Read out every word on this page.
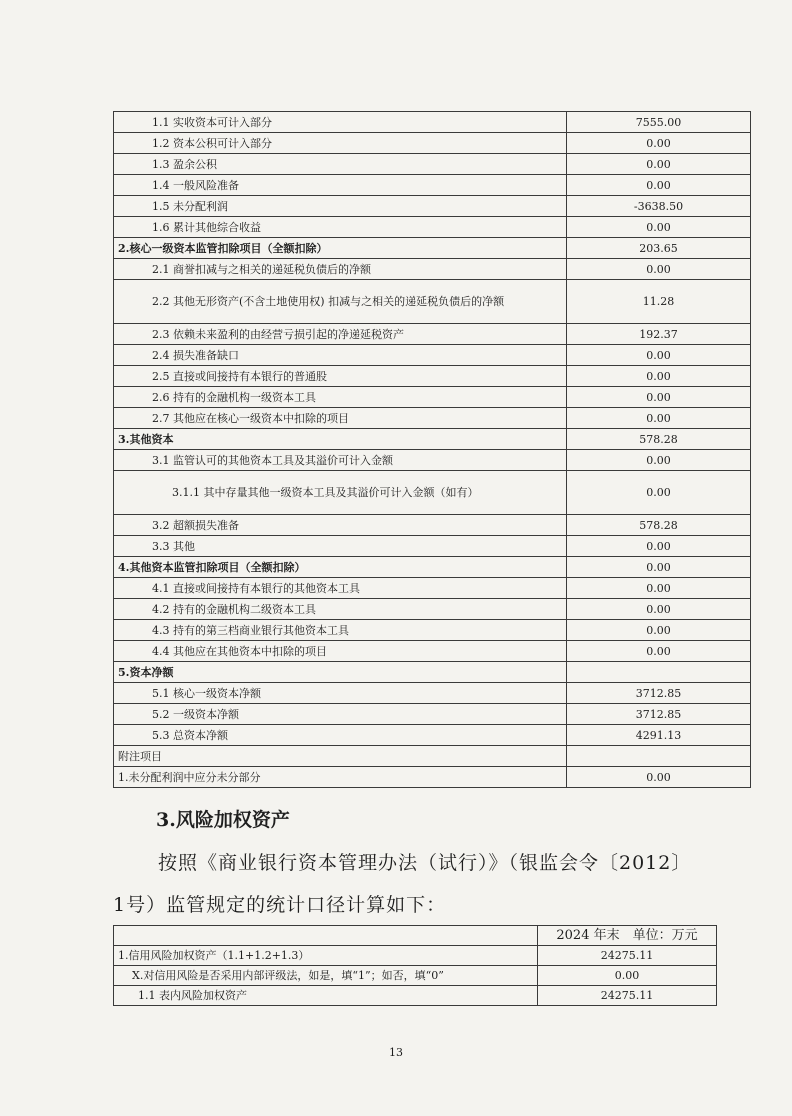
1.1 实收资本可计入部分	7555.00
1.2 资本公积可计入部分	0.00
1.3 盈余公积	0.00
1.4 一般风险准备	0.00
1.5 未分配利润	-3638.50
1.6 累计其他综合收益	0.00
2.核心一级资本监管扣除项目（全额扣除）	203.65
2.1 商誉扣减与之相关的递延税负债后的净额	0.00
2.2 其他无形资产(不含土地使用权) 扣减与之相关的递延税负债后的净额	11.28
2.3 依赖未来盈利的由经营亏损引起的净递延税资产	192.37
2.4 损失准备缺口	0.00
2.5 直接或间接持有本银行的普通股	0.00
2.6 持有的金融机构一级资本工具	0.00
2.7 其他应在核心一级资本中扣除的项目	0.00
3.其他资本	578.28
3.1 监管认可的其他资本工具及其溢价可计入金额	0.00
3.1.1 其中存量其他一级资本工具及其溢价可计入金额（如有）	0.00
3.2 超额损失准备	578.28
3.3 其他	0.00
4.其他资本监管扣除项目（全额扣除）	0.00
4.1 直接或间接持有本银行的其他资本工具	0.00
4.2 持有的金融机构二级资本工具	0.00
4.3 持有的第三档商业银行其他资本工具	0.00
4.4 其他应在其他资本中扣除的项目	0.00
5.资本净额	
5.1 核心一级资本净额	3712.85
5.2 一级资本净额	3712.85
5.3 总资本净额	4291.13
附注项目	
1.未分配利润中应分未分部分	0.00
3.风险加权资产
按照《商业银行资本管理办法（试行）》（银监会令〔2012〕
1号）监管规定的统计口径计算如下：
	2024 年末　单位：万元
1.信用风险加权资产（1.1+1.2+1.3）	24275.11
X.对信用风险是否采用内部评级法，如是，填“1”；如否，填“0”	0.00
1.1 表内风险加权资产	24275.11
13
